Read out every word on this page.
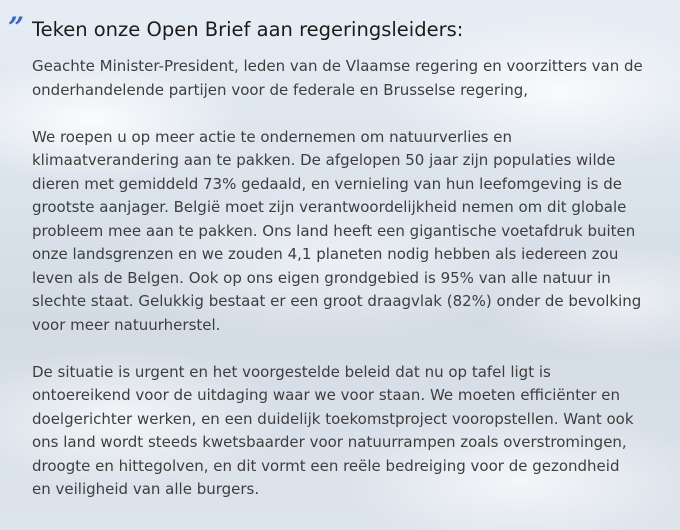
” Teken onze Open Brief aan regeringsleiders:

Geachte Minister-President, leden van de Vlaamse regering en voorzitters van de
onderhandelende partijen voor de federale en Brusselse regering,

We roepen u op meer actie te ondernemen om natuurverlies en
klimaatverandering aan te pakken. De afgelopen 50 jaar zijn populaties wilde
dieren met gemiddeld 73% gedaald, en vernieling van hun leefomgeving is de
grootste aanjager. België moet zijn verantwoordelijkheid nemen om dit globale
probleem mee aan te pakken. Ons land heeft een gigantische voetafdruk buiten
onze landsgrenzen en we zouden 4,1 planeten nodig hebben als iedereen zou
leven als de Belgen. Ook op ons eigen grondgebied is 95% van alle natuur in
slechte staat. Gelukkig bestaat er een groot draagvlak (82%) onder de bevolking
voor meer natuurherstel.

De situatie is urgent en het voorgestelde beleid dat nu op tafel ligt is
ontoereikend voor de uitdaging waar we voor staan. We moeten efficiënter en
doelgerichter werken, en een duidelijk toekomstproject vooropstellen. Want ook
ons land wordt steeds kwetsbaarder voor natuurrampen zoals overstromingen,
droogte en hittegolven, en dit vormt een reële bedreiging voor de gezondheid
en veiligheid van alle burgers.
